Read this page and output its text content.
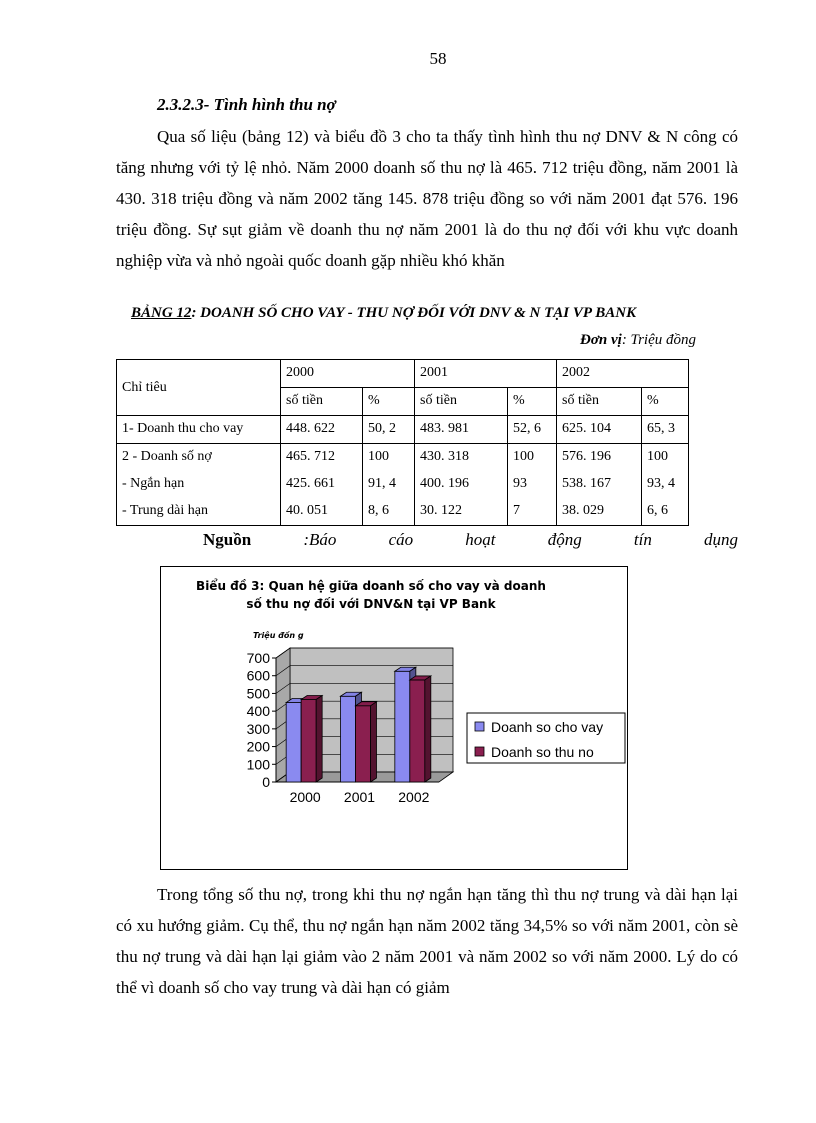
58
2.3.2.3- Tình hình thu nợ
Qua số liệu (bảng 12) và biểu đồ 3 cho ta thấy tình hình thu nợ DNV & N công có tăng nhưng với tỷ lệ nhỏ. Năm 2000 doanh số thu nợ là 465. 712 triệu đồng, năm 2001 là 430. 318 triệu đồng và năm 2002 tăng 145. 878 triệu đồng so với năm 2001 đạt 576. 196 triệu đồng. Sự sụt giảm về doanh thu nợ năm 2001 là do thu nợ đối với khu vực doanh nghiệp vừa và nhỏ ngoài quốc doanh gặp nhiều khó khăn
BẢNG 12: DOANH SỐ CHO VAY - THU NỢ ĐỐI VỚI DNV & N TẠI VP BANK
Đơn vị: Triệu đồng
Chỉ tiêu	2000		2001		2002	
	số tiền	%	số tiền	%	số tiền	%
1- Doanh thu cho vay	448. 622	50, 2	483. 981	52, 6	625. 104	65, 3
2 - Doanh số nợ	465. 712	100	430. 318	100	576. 196	100
- Ngắn hạn	425. 661	91, 4	400. 196	93	538. 167	93, 4
- Trung dài hạn	40. 051	8, 6	30. 122	7	38. 029	6, 6
Nguồn	:Báo	cáo	hoạt	động	tín	dụng
Biểu đồ 3: Quan hệ giữa doanh số cho vay và doanh
số thu nợ đối với DNV&N tại VP Bank
Triệu đồn g
0
100
200
300
400
500
600
700
2000 2001 2002
Doanh so cho vay
Doanh so thu no
Trong tổng số thu nợ, trong khi thu nợ ngắn hạn tăng thì thu nợ trung và dài hạn lại có xu hướng giảm. Cụ thể, thu nợ ngắn hạn năm 2002 tăng 34,5% so với năm 2001, còn sè thu nợ trung và dài hạn lại giảm vào 2 năm 2001 và năm 2002 so với năm 2000. Lý do có thể vì doanh số cho vay trung và dài hạn có giảm
